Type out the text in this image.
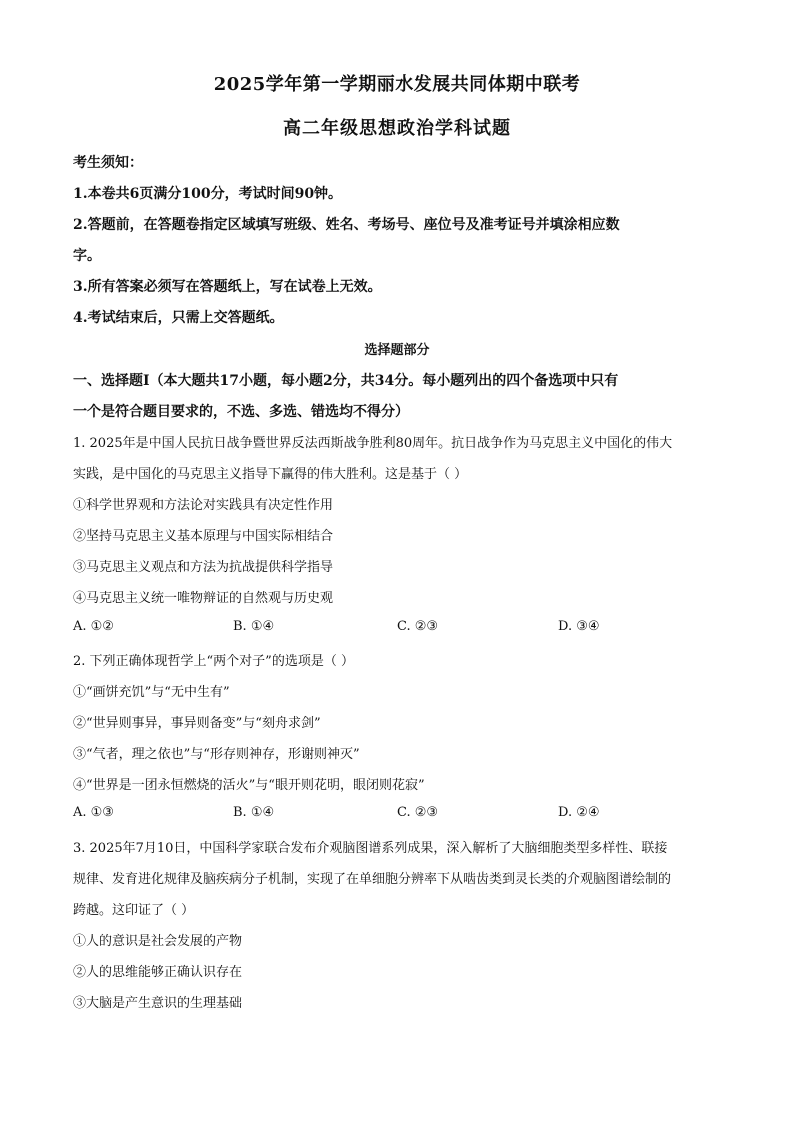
2025学年第一学期丽水发展共同体期中联考
高二年级思想政治学科试题
考生须知：
1.本卷共6页满分100分，考试时间90钟。
2.答题前，在答题卷指定区域填写班级、姓名、考场号、座位号及准考证号并填涂相应数
字。
3.所有答案必须写在答题纸上，写在试卷上无效。
4.考试结束后，只需上交答题纸。
选择题部分
一、选择题Ⅰ（本大题共17小题，每小题2分，共34分。每小题列出的四个备选项中只有
一个是符合题目要求的，不选、多选、错选均不得分）
1. 2025年是中国人民抗日战争暨世界反法西斯战争胜利80周年。抗日战争作为马克思主义中国化的伟大
实践，是中国化的马克思主义指导下赢得的伟大胜利。这是基于（ ）
①科学世界观和方法论对实践具有决定性作用
②坚持马克思主义基本原理与中国实际相结合
③马克思主义观点和方法为抗战提供科学指导
④马克思主义统一唯物辩证的自然观与历史观
A. ①②	B. ①④	C. ②③	D. ③④
2. 下列正确体现哲学上“两个对子”的选项是（ ）
①“画饼充饥”与“无中生有”
②“世异则事异，事异则备变”与“刻舟求剑”
③“气者，理之依也”与“形存则神存，形谢则神灭”
④“世界是一团永恒燃烧的活火”与“眼开则花明，眼闭则花寂”
A. ①③	B. ①④	C. ②③	D. ②④
3. 2025年7月10日，中国科学家联合发布介观脑图谱系列成果，深入解析了大脑细胞类型多样性、联接
规律、发育进化规律及脑疾病分子机制，实现了在单细胞分辨率下从啮齿类到灵长类的介观脑图谱绘制的
跨越。这印证了（ ）
①人的意识是社会发展的产物
②人的思维能够正确认识存在
③大脑是产生意识的生理基础
